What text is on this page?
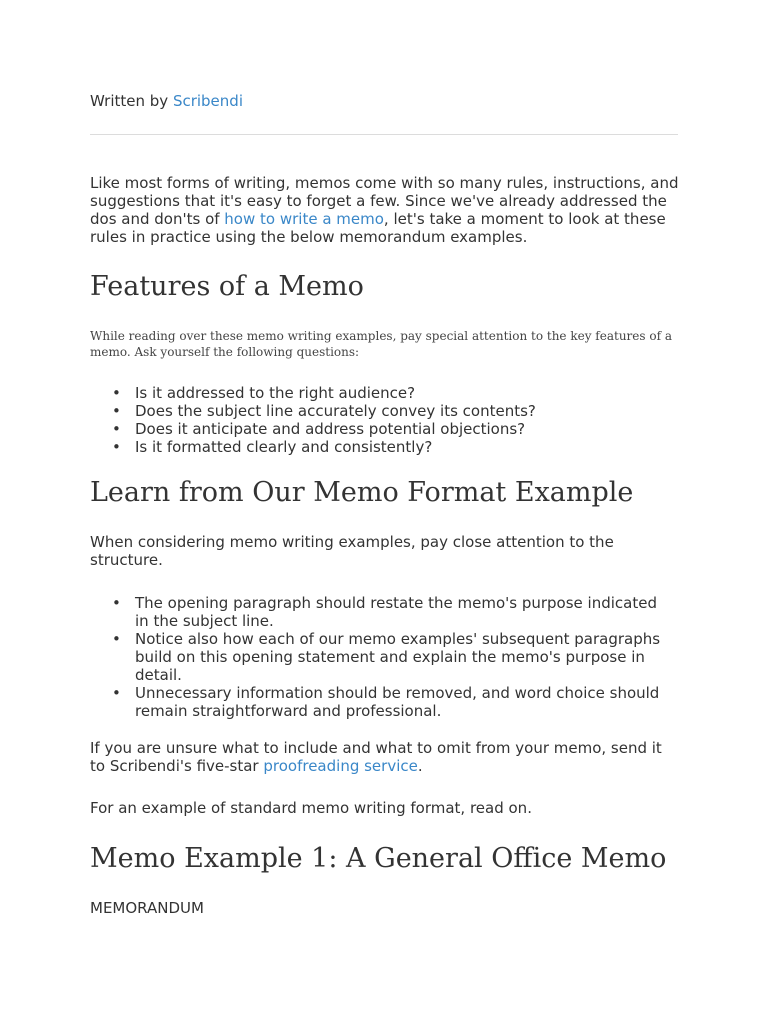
Written by Scribendi

Like most forms of writing, memos come with so many rules, instructions, and suggestions that it's easy to forget a few. Since we've already addressed the dos and don'ts of how to write a memo, let's take a moment to look at these rules in practice using the below memorandum examples.

Features of a Memo

While reading over these memo writing examples, pay special attention to the key features of a memo. Ask yourself the following questions:

• Is it addressed to the right audience?
• Does the subject line accurately convey its contents?
• Does it anticipate and address potential objections?
• Is it formatted clearly and consistently?
Learn from Our Memo Format Example

When considering memo writing examples, pay close attention to the structure.

• The opening paragraph should restate the memo's purpose indicated in the subject line.
• Notice also how each of our memo examples' subsequent paragraphs build on this opening statement and explain the memo's purpose in detail.
• Unnecessary information should be removed, and word choice should remain straightforward and professional.

If you are unsure what to include and what to omit from your memo, send it to Scribendi's five-star proofreading service.

For an example of standard memo writing format, read on.

Memo Example 1: A General Office Memo

MEMORANDUM
